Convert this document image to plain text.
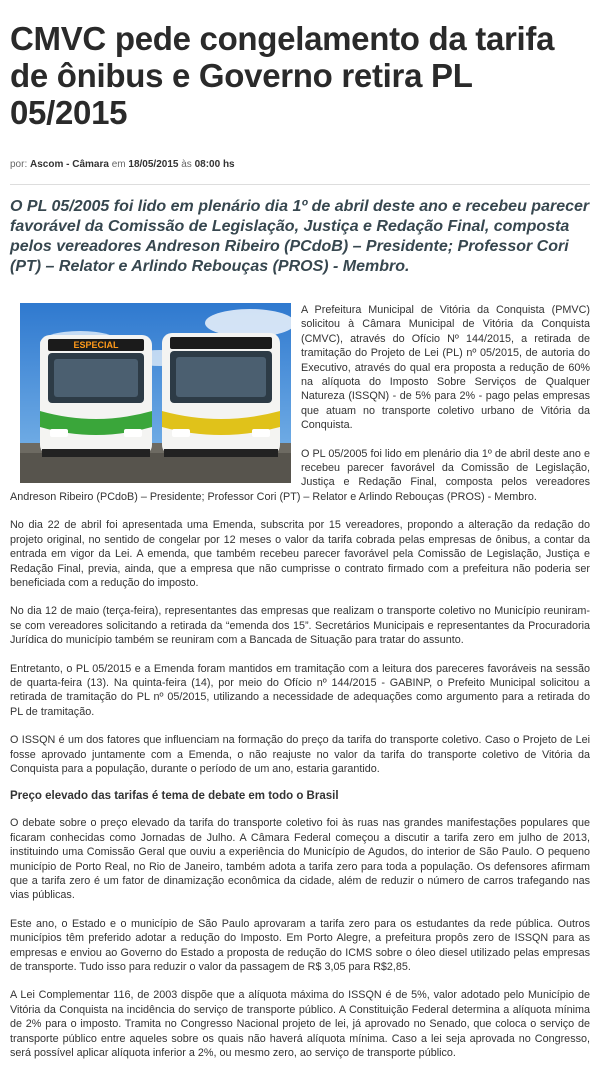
CMVC pede congelamento da tarifa de ônibus e Governo retira PL 05/2015
por: Ascom - Câmara em 18/05/2015 às 08:00 hs

O PL 05/2005 foi lido em plenário dia 1º de abril deste ano e recebeu parecer favorável da Comissão de Legislação, Justiça e Redação Final, composta pelos vereadores Andreson Ribeiro (PCdoB) – Presidente; Professor Cori (PT) – Relator e Arlindo Rebouças (PROS) - Membro.

ESPECIAL

A Prefeitura Municipal de Vitória da Conquista (PMVC) solicitou à Câmara Municipal de Vitória da Conquista (CMVC), através do Ofício Nº 144/2015, a retirada de tramitação do Projeto de Lei (PL) nº 05/2015, de autoria do Executivo, através do qual era proposta a redução de 60% na alíquota do Imposto Sobre Serviços de Qualquer Natureza (ISSQN) - de 5% para 2% - pago pelas empresas que atuam no transporte coletivo urbano de Vitória da Conquista.

O PL 05/2005 foi lido em plenário dia 1º de abril deste ano e recebeu parecer favorável da Comissão de Legislação, Justiça e Redação Final, composta pelos vereadores Andreson Ribeiro (PCdoB) – Presidente; Professor Cori (PT) – Relator e Arlindo Rebouças (PROS) - Membro.

No dia 22 de abril foi apresentada uma Emenda, subscrita por 15 vereadores, propondo a alteração da redação do projeto original, no sentido de congelar por 12 meses o valor da tarifa cobrada pelas empresas de ônibus, a contar da entrada em vigor da Lei. A emenda, que também recebeu parecer favorável pela Comissão de Legislação, Justiça e Redação Final, previa, ainda, que a empresa que não cumprisse o contrato firmado com a prefeitura não poderia ser beneficiada com a redução do imposto.

No dia 12 de maio (terça-feira), representantes das empresas que realizam o transporte coletivo no Município reuniram-se com vereadores solicitando a retirada da “emenda dos 15”. Secretários Municipais e representantes da Procuradoria Jurídica do município também se reuniram com a Bancada de Situação para tratar do assunto.

Entretanto, o PL 05/2015 e a Emenda foram mantidos em tramitação com a leitura dos pareceres favoráveis na sessão de quarta-feira (13). Na quinta-feira (14), por meio do Ofício nº 144/2015 - GABINP, o Prefeito Municipal solicitou a retirada de tramitação do PL nº 05/2015, utilizando a necessidade de adequações como argumento para a retirada do PL de tramitação.

O ISSQN é um dos fatores que influenciam na formação do preço da tarifa do transporte coletivo. Caso o Projeto de Lei fosse aprovado juntamente com a Emenda, o não reajuste no valor da tarifa do transporte coletivo de Vitória da Conquista para a população, durante o período de um ano, estaria garantido.

Preço elevado das tarifas é tema de debate em todo o Brasil

O debate sobre o preço elevado da tarifa do transporte coletivo foi às ruas nas grandes manifestações populares que ficaram conhecidas como Jornadas de Julho. A Câmara Federal começou a discutir a tarifa zero em julho de 2013, instituindo uma Comissão Geral que ouviu a experiência do Município de Agudos, do interior de São Paulo. O pequeno município de Porto Real, no Rio de Janeiro, também adota a tarifa zero para toda a população. Os defensores afirmam que a tarifa zero é um fator de dinamização econômica da cidade, além de reduzir o número de carros trafegando nas vias públicas.

Este ano, o Estado e o município de São Paulo aprovaram a tarifa zero para os estudantes da rede pública. Outros municípios têm preferido adotar a redução do Imposto. Em Porto Alegre, a prefeitura propôs zero de ISSQN para as empresas e enviou ao Governo do Estado a proposta de redução do ICMS sobre o óleo diesel utilizado pelas empresas de transporte. Tudo isso para reduzir o valor da passagem de R$ 3,05 para R$2,85.

A Lei Complementar 116, de 2003 dispõe que a alíquota máxima do ISSQN é de 5%, valor adotado pelo Município de Vitória da Conquista na incidência do serviço de transporte público. A Constituição Federal determina a alíquota mínima de 2% para o imposto. Tramita no Congresso Nacional projeto de lei, já aprovado no Senado, que coloca o serviço de transporte público entre aqueles sobre os quais não haverá alíquota mínima. Caso a lei seja aprovada no Congresso, será possível aplicar alíquota inferior a 2%, ou mesmo zero, ao serviço de transporte público.
